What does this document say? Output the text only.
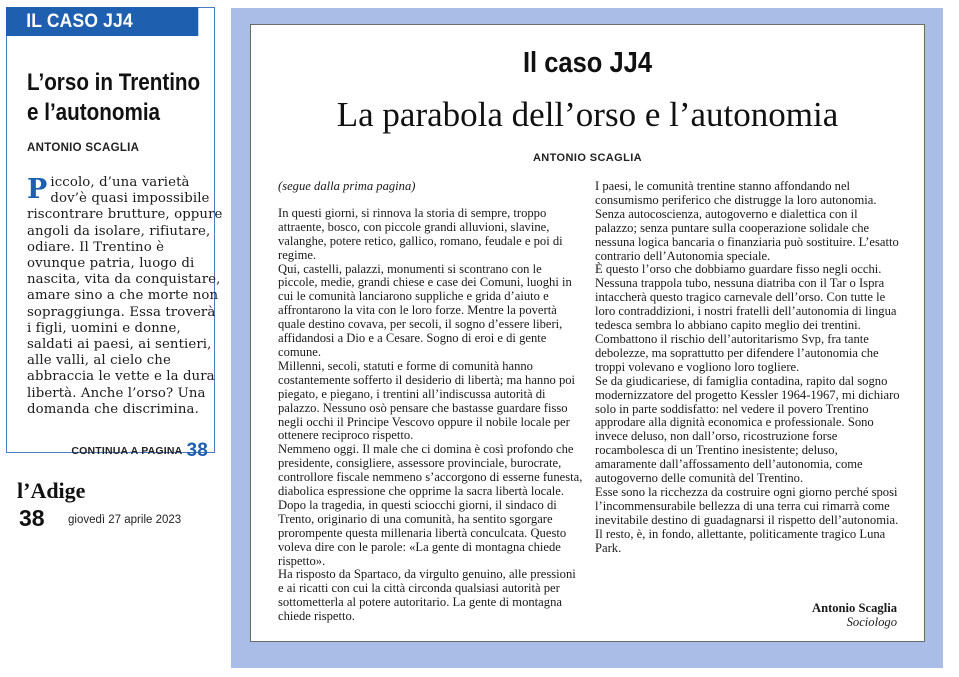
IL CASO JJ4
L’orso in Trentino
e l’autonomia
ANTONIO SCAGLIA
Piccolo, d’una varietà dov’è quasi impossibile riscontrare brutture, oppure angoli da isolare, rifiutare, odiare. Il Trentino è ovunque patria, luogo di nascita, vita da conquistare, amare sino a che morte non sopraggiunga. Essa troverà i figli, uomini e donne, saldati ai paesi, ai sentieri, alle valli, al cielo che abbraccia le vette e la dura libertà. Anche l’orso? Una domanda che discrimina.
CONTINUA A PAGINA 38
l’Adige
38 giovedì 27 aprile 2023
Il caso JJ4
La parabola dell’orso e l’autonomia
ANTONIO SCAGLIA

(segue dalla prima pagina)

In questi giorni, si rinnova la storia di sempre, troppo attraente, bosco, con piccole grandi alluvioni, slavine, valanghe, potere retico, gallico, romano, feudale e poi di regime.

Qui, castelli, palazzi, monumenti si scontrano con le piccole, medie, grandi chiese e case dei Comuni, luoghi in cui le comunità lanciarono suppliche e grida d’aiuto e affrontarono la vita con le loro forze. Mentre la povertà quale destino covava, per secoli, il sogno d’essere liberi, affidandosi a Dio e a Cesare. Sogno di eroi e di gente comune.

Millenni, secoli, statuti e forme di comunità hanno costantemente sofferto il desiderio di libertà; ma hanno poi piegato, e piegano, i trentini all’indiscussa autorità di palazzo. Nessuno osò pensare che bastasse guardare fisso negli occhi il Principe Vescovo oppure il nobile locale per ottenere reciproco rispetto.

Nemmeno oggi. Il male che ci domina è così profondo che presidente, consigliere, assessore provinciale, burocrate, controllore fiscale nemmeno s’accorgono di esserne funesta, diabolica espressione che opprime la sacra libertà locale. Dopo la tragedia, in questi sciocchi giorni, il sindaco di Trento, originario di una comunità, ha sentito sgorgare prorompente questa millenaria libertà conculcata. Questo voleva dire con le parole: «La gente di montagna chiede rispetto».

Ha risposto da Spartaco, da virgulto genuino, alle pressioni e ai ricatti con cui la città circonda qualsiasi autorità per sottometterla al potere autoritario. La gente di montagna chiede rispetto.

I paesi, le comunità trentine stanno affondando nel consumismo periferico che distrugge la loro autonomia. Senza autocoscienza, autogoverno e dialettica con il palazzo; senza puntare sulla cooperazione solidale che nessuna logica bancaria o finanziaria può sostituire. L’esatto contrario dell’Autonomia speciale.

È questo l’orso che dobbiamo guardare fisso negli occhi. Nessuna trappola tubo, nessuna diatriba con il Tar o Ispra intaccherà questo tragico carnevale dell’orso. Con tutte le loro contraddizioni, i nostri fratelli dell’autonomia di lingua tedesca sembra lo abbiano capito meglio dei trentini. Combattono il rischio dell’autoritarismo Svp, fra tante debolezze, ma soprattutto per difendere l’autonomia che troppi volevano e vogliono loro togliere.

Se da giudicariese, di famiglia contadina, rapito dal sogno modernizzatore del progetto Kessler 1964-1967, mi dichiaro solo in parte soddisfatto: nel vedere il povero Trentino approdare alla dignità economica e professionale. Sono invece deluso, non dall’orso, ricostruzione forse rocambolesca di un Trentino inesistente; deluso, amaramente dall’affossamento dell’autonomia, come autogoverno delle comunità del Trentino.

Esse sono la ricchezza da costruire ogni giorno perché sposi l’incommensurabile bellezza di una terra cui rimarrà come inevitabile destino di guadagnarsi il rispetto dell’autonomia. Il resto, è, in fondo, allettante, politicamente tragico Luna Park.

Antonio Scaglia
Sociologo
